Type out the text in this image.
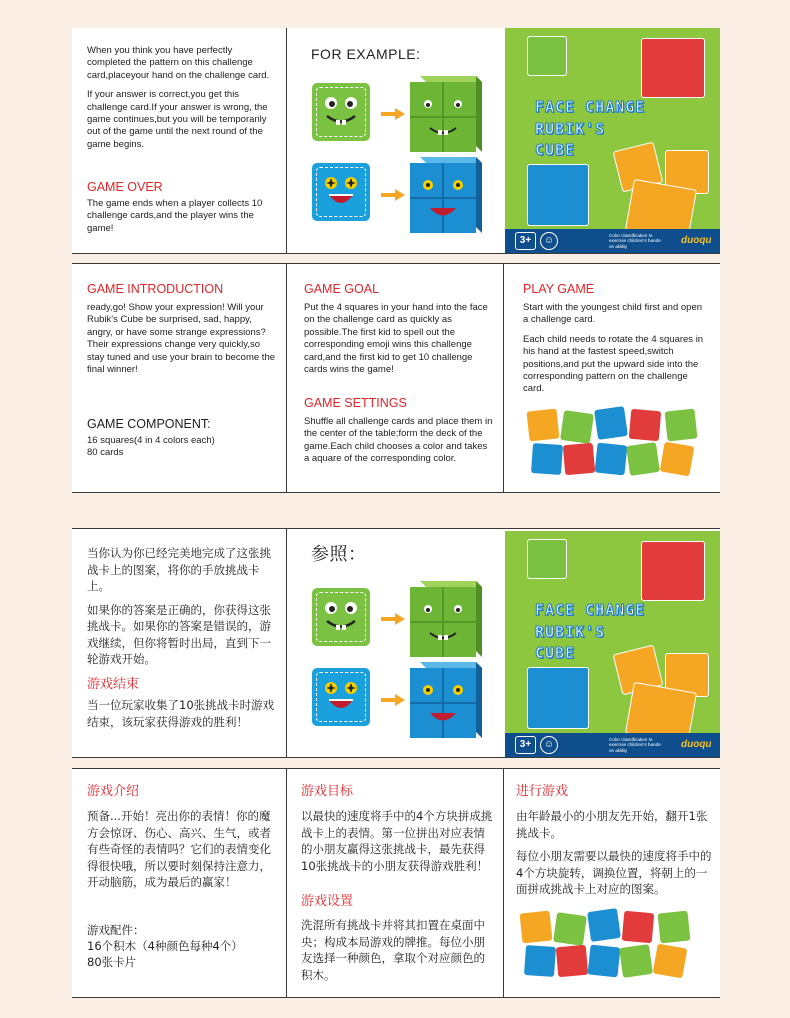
When you think you have perfectly completed the pattern on this challenge card,placeyour hand on the challenge card.

If your answer is correct,you get this challenge card.If your answer is wrong, the game continues,but you will be temporarily out of the game until the next round of the game begins.

GAME OVER
The game ends when a player collects 10 challenge cards,and the player wins the game!
FOR EXAMPLE:
FACE CHANGE
RUBIK'S
CUBE
3+	☺	Color classification to exercise children's hands-on ability
duoqu
GAME INTRODUCTION
ready,go! Show your expression! Will your Rubik's Cube be surprised, sad, happy, angry, or have some strange expressions? Their expressions change very quickly,so stay tuned and use your brain to become the final winner!
GAME COMPONENT:
16 squares(4 in 4 colors each)
80 cards
GAME GOAL
Put the 4 squares in your hand into the face on the challenge card as quickly as possible.The first kid to spell out the corresponding emoji wins this challenge card,and the first kid to get 10 challenge cards wins the game!
GAME SETTINGS
Shuffle all challenge cards and place them in the center of the table;form the deck of the game.Each child chooses a color and takes a aquare of the corresponding color.
PLAY GAME

Start with the youngest child first and open a challenge card.

Each child needs to rotate the 4 squares in his hand at the fastest speed,switch positions,and put the upward side into the corresponding pattern on the challenge card.

当你认为你已经完美地完成了这张挑战卡上的图案，将你的手放挑战卡上。

如果你的答案是正确的，你获得这张挑战卡。如果你的答案是错误的，游戏继续，但你将暂时出局，直到下一轮游戏开始。

游戏结束
当一位玩家收集了10张挑战卡时游戏结束，该玩家获得游戏的胜利！
参照：
FACE CHANGE
RUBIK'S
CUBE
3+	☺	Color classification to exercise children's hands-on ability
duoqu
游戏介绍
预备...开始！亮出你的表情！你的魔方会惊讶、伤心、高兴、生气，或者有些奇怪的表情吗？它们的表情变化得很快哦，所以要时刻保持注意力，开动脑筋，成为最后的赢家！
游戏配件：
16个积木（4种颜色每种4个）
80张卡片
游戏目标
以最快的速度将手中的4个方块拼成挑战卡上的表情。第一位拼出对应表情的小朋友赢得这张挑战卡，最先获得10张挑战卡的小朋友获得游戏胜利！
游戏设置
洗混所有挑战卡并将其扣置在桌面中央；构成本局游戏的牌推。每位小朋友选择一种颜色，拿取个对应颜色的积木。
进行游戏

由年龄最小的小朋友先开始，翻开1张挑战卡。

每位小朋友需要以最快的速度将手中的4个方块旋转，调换位置，将朝上的一面拼成挑战卡上对应的图案。
